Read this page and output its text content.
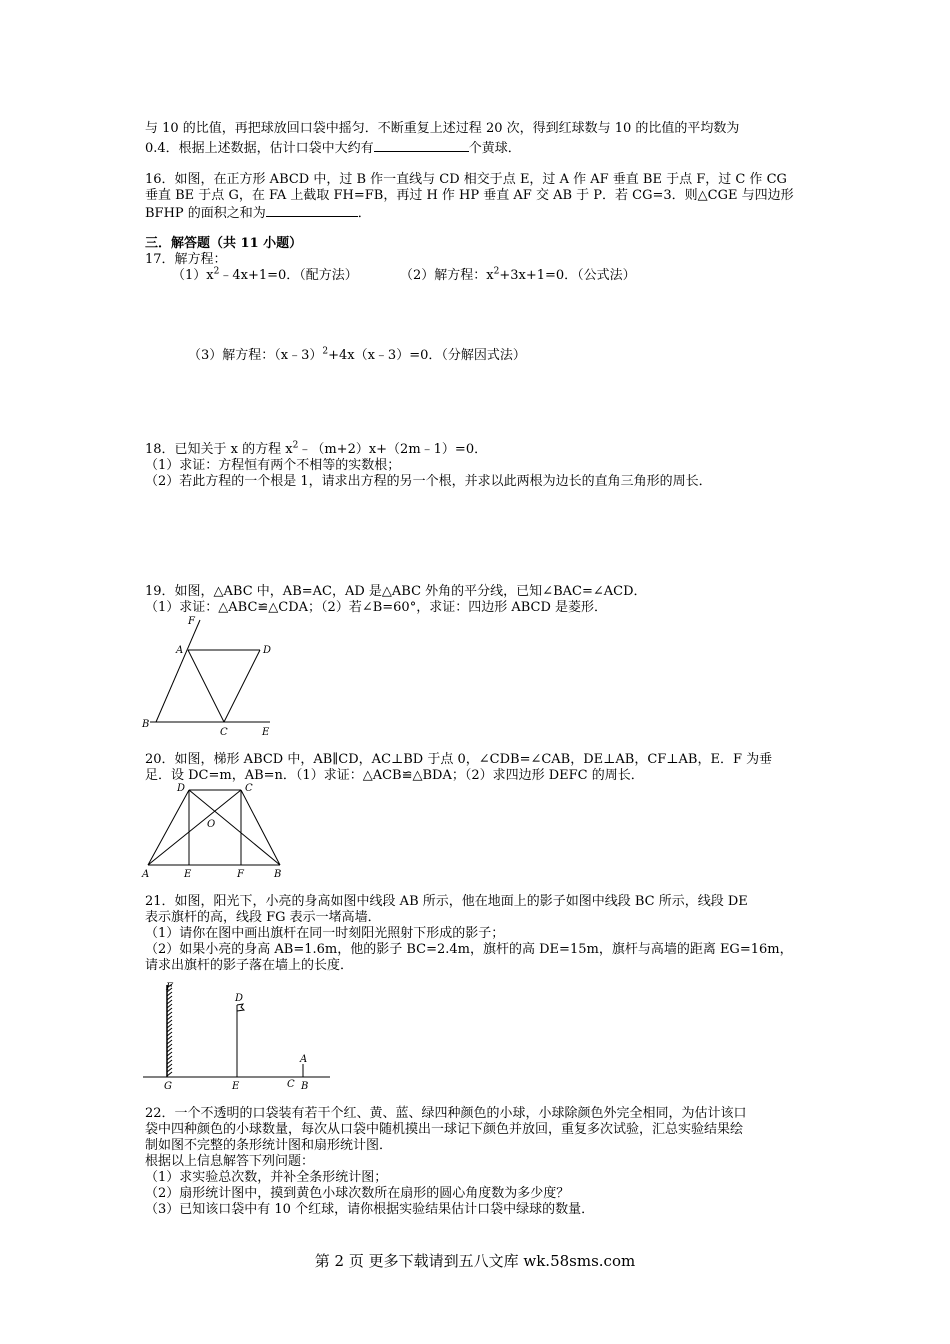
与 10 的比值，再把球放回口袋中摇匀．不断重复上述过程 20 次，得到红球数与 10 的比值的平均数为
0.4．根据上述数据，估计口袋中大约有	个黄球．
16．如图，在正方形 ABCD 中，过 B 作一直线与 CD 相交于点 E，过 A 作 AF 垂直 BE 于点 F，过 C 作 CG
垂直 BE 于点 G，在 FA 上截取 FH=FB，再过 H 作 HP 垂直 AF 交 AB 于 P．若 CG=3．则△CGE 与四边形
BFHP 的面积之和为	．
三．解答题（共 11 小题）
17．解方程：
$(1)x^2﹣4x+1=0$．（配方法）	（2）解方程：$x^2+3x+1=0$．（公式法）
（3）解方程：（x﹣3）$^2$+4x（x﹣3）=0．（分解因式法）
18．已知关于 x 的方程 $x^2﹣(m+2)x+(2m﹣1)=0$．
（1）求证：方程恒有两个不相等的实数根；
（2）若此方程的一个根是 1，请求出方程的另一个根，并求以此两根为边长的直角三角形的周长．
19．如图，△ABC 中，AB=AC，AD 是△ABC 外角的平分线，已知∠BAC=∠ACD．
（1）求证：△ABC≌△CDA；（2）若∠B=60°，求证：四边形 ABCD 是菱形．
F
A	D
B
C	E
20．如图，梯形 ABCD 中，AB∥CD，AC⊥BD 于点 0，∠CDB=∠CAB，DE⊥AB，CF⊥AB，E．F 为垂
足．设 DC=m，AB=n．（1）求证：△ACB≌△BDA；（2）求四边形 DEFC 的周长．
D	C
O
A	E	F	B
21．如图，阳光下，小亮的身高如图中线段 AB 所示，他在地面上的影子如图中线段 BC 所示，线段 DE
表示旗杆的高，线段 FG 表示一堵高墙．
（1）请你在图中画出旗杆在同一时刻阳光照射下形成的影子；
（2）如果小亮的身高 AB=1.6m，他的影子 BC=2.4m，旗杆的高 DE=15m，旗杆与高墙的距离 EG=16m，
请求出旗杆的影子落在墙上的长度．
F
D
A
G	E	C B
22．一个不透明的口袋装有若干个红、黄、蓝、绿四种颜色的小球，小球除颜色外完全相同，为估计该口
袋中四种颜色的小球数量，每次从口袋中随机摸出一球记下颜色并放回，重复多次试验，汇总实验结果绘
制如图不完整的条形统计图和扇形统计图．
根据以上信息解答下列问题：
（1）求实验总次数，并补全条形统计图；
（2）扇形统计图中，摸到黄色小球次数所在扇形的圆心角度数为多少度？
（3）已知该口袋中有 10 个红球，请你根据实验结果估计口袋中绿球的数量．
第 2 页 更多下载请到五八文库 wk.58sms.com
